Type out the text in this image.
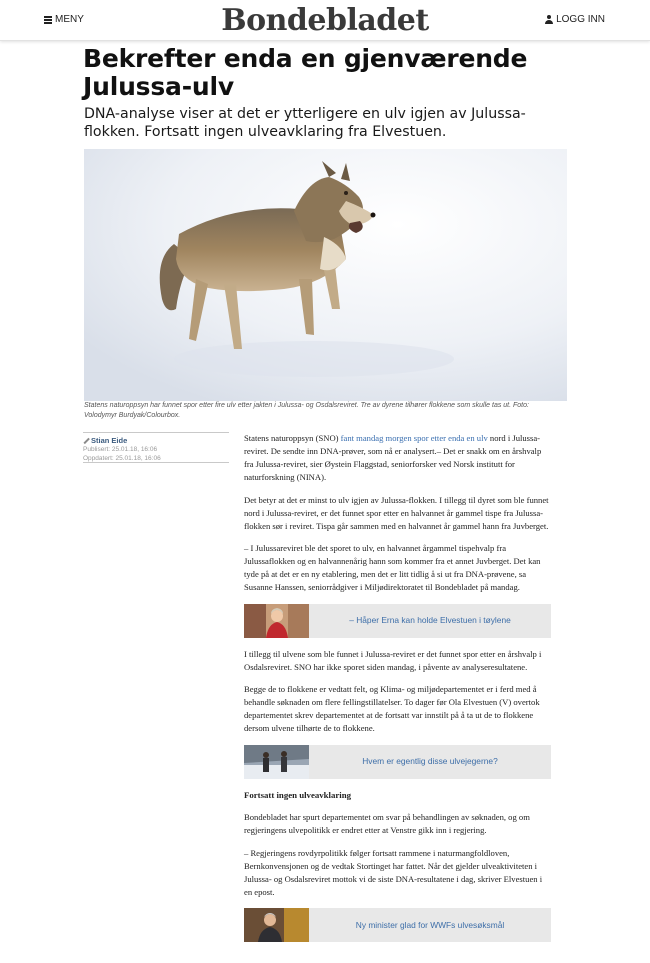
MENY	Bondebladet	LOGG INN
Bekrefter enda en gjenværende Julussa-ulv
DNA-analyse viser at det er ytterligere en ulv igjen av Julussa-flokken. Fortsatt ingen ulveavklaring fra Elvestuen.
Statens naturoppsyn har funnet spor etter fire ulv etter jakten i Julussa- og Osdalsreviret. Tre av dyrene tilhører flokkene som skulle tas ut. Foto: Volodymyr Burdyak/Colourbox.
Stian Eide
Publisert: 25.01.18, 16:06
Oppdatert: 25.01.18, 16:06

Statens naturoppsyn (SNO) fant mandag morgen spor etter enda en ulv nord i Julussa-reviret. De sendte inn DNA-prøver, som nå er analysert.– Det er snakk om en årshvalp fra Julussa-reviret, sier Øystein Flaggstad, seniorforsker ved Norsk institutt for naturforskning (NINA).

Det betyr at det er minst to ulv igjen av Julussa-flokken. I tillegg til dyret som ble funnet nord i Julussa-reviret, er det funnet spor etter en halvannet år gammel tispe fra Julussa-flokken sør i reviret. Tispa går sammen med en halvannet år gammel hann fra Juvberget.

– I Julussareviret ble det sporet to ulv, en halvannet årgammel tispehvalp fra Julussaflokken og en halvannenårig hann som kommer fra et annet Juvberget. Det kan tyde på at det er en ny etablering, men det er litt tidlig å si ut fra DNA-prøvene, sa Susanne Hanssen, seniorrådgiver i Miljødirektoratet til Bondebladet på mandag.

– Håper Erna kan holde Elvestuen i tøylene

I tillegg til ulvene som ble funnet i Julussa-reviret er det funnet spor etter en årshvalp i Osdalsreviret. SNO har ikke sporet siden mandag, i påvente av analyseresultatene.

Begge de to flokkene er vedtatt felt, og Klima- og miljødepartementet er i ferd med å behandle søknaden om flere fellingstillatelser. To dager før Ola Elvestuen (V) overtok departementet skrev departementet at de fortsatt var innstilt på å ta ut de to flokkene dersom ulvene tilhørte de to flokkene.

Hvem er egentlig disse ulvejegerne?
Fortsatt ingen ulveavklaring

Bondebladet har spurt departementet om svar på behandlingen av søknaden, og om regjeringens ulvepolitikk er endret etter at Venstre gikk inn i regjering.

– Regjeringens rovdyrpolitikk følger fortsatt rammene i naturmangfoldloven, Bernkonvensjonen og de vedtak Stortinget har fattet. Når det gjelder ulveaktiviteten i Julussa- og Osdalsreviret mottok vi de siste DNA-resultatene i dag, skriver Elvestuen i en epost.

Ny minister glad for WWFs ulvesøksmål
